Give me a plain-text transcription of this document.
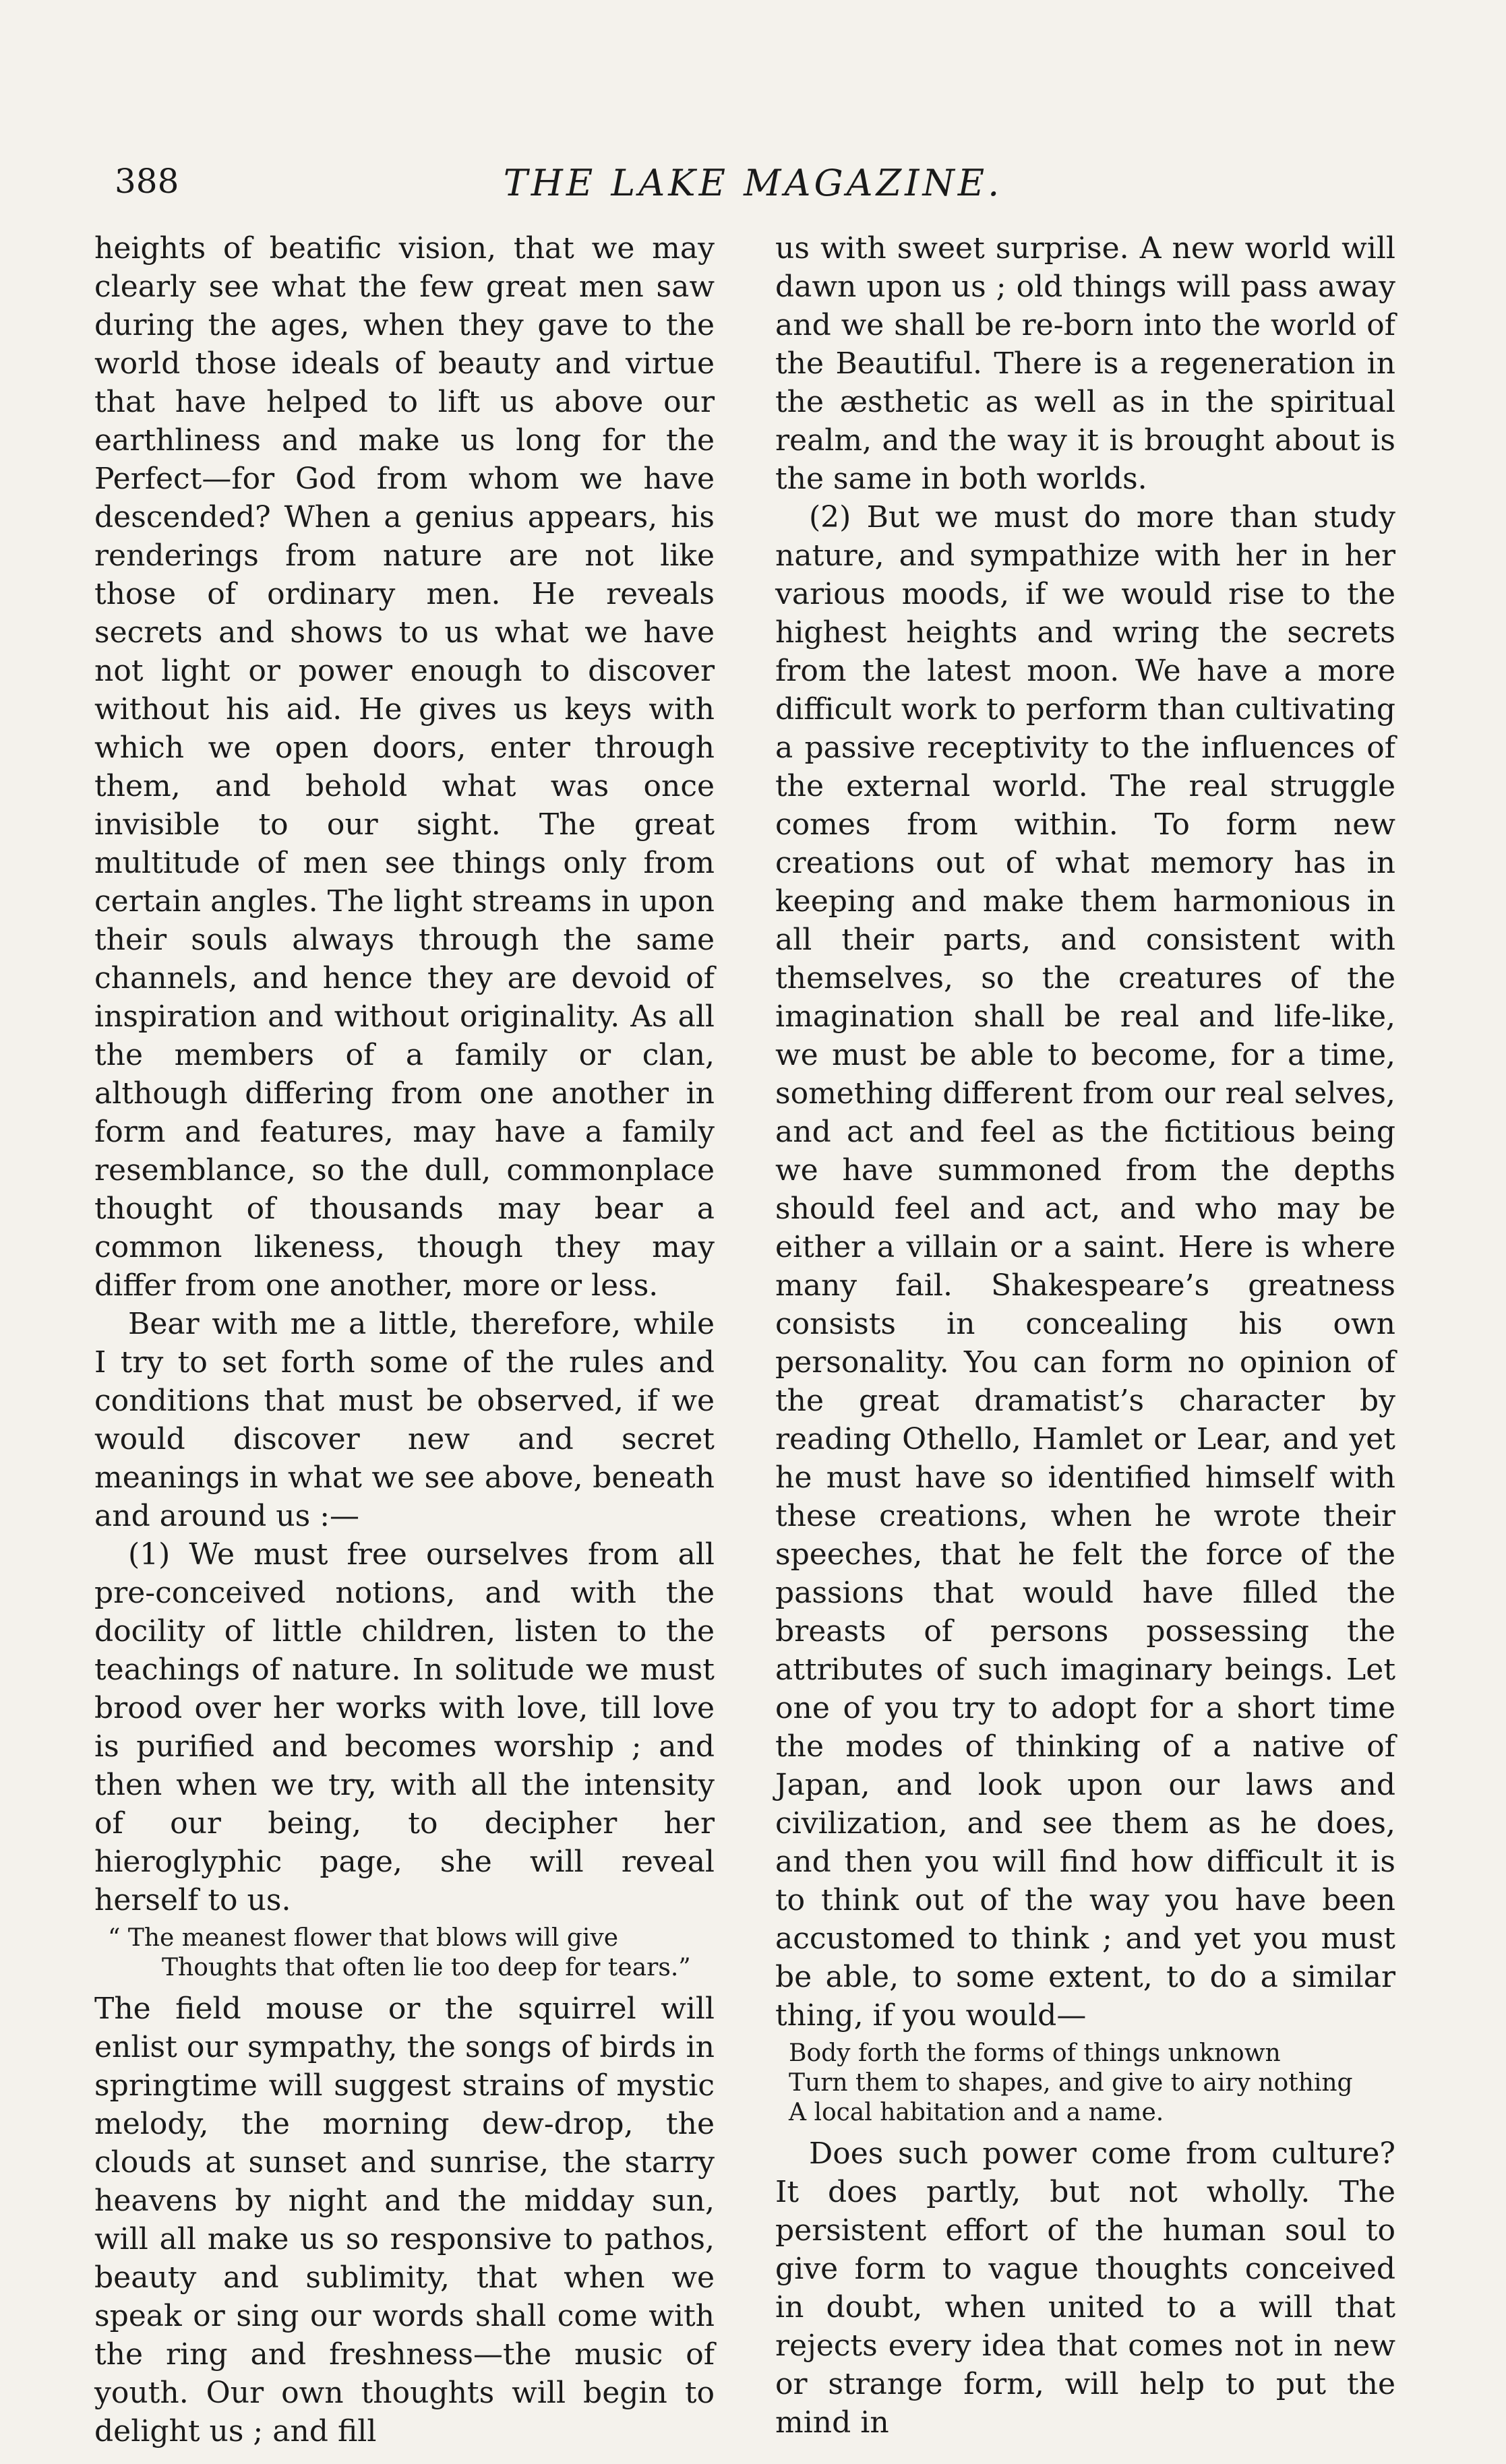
388	THE LAKE MAGAZINE.

heights of beatific vision, that we may clearly see what the few great men saw during the ages, when they gave to the world those ideals of beauty and virtue that have helped to lift us above our earthliness and make us long for the Perfect—for God from whom we have descended? When a genius appears, his renderings from nature are not like those of ordinary men. He reveals secrets and shows to us what we have not light or power enough to discover without his aid. He gives us keys with which we open doors, enter through them, and behold what was once invisible to our sight. The great multitude of men see things only from certain angles. The light streams in upon their souls always through the same channels, and hence they are devoid of inspiration and without originality. As all the members of a family or clan, although differing from one another in form and features, may have a family resemblance, so the dull, commonplace thought of thousands may bear a common likeness, though they may differ from one another, more or less.

Bear with me a little, therefore, while I try to set forth some of the rules and conditions that must be observed, if we would discover new and secret meanings in what we see above, beneath and around us :—

(1) We must free ourselves from all pre-conceived notions, and with the docility of little children, listen to the teachings of nature. In solitude we must brood over her works with love, till love is purified and becomes worship ; and then when we try, with all the intensity of our being, to decipher her hieroglyphic page, she will reveal herself to us.

“ The meanest flower that blows will give
Thoughts that often lie too deep for tears.”

The field mouse or the squirrel will enlist our sympathy, the songs of birds in springtime will suggest strains of mystic melody, the morning dew-drop, the clouds at sunset and sunrise, the starry heavens by night and the midday sun, will all make us so responsive to pathos, beauty and sublimity, that when we speak or sing our words shall come with the ring and freshness—the music of youth. Our own thoughts will begin to delight us ; and fill

us with sweet surprise. A new world will dawn upon us ; old things will pass away and we shall be re-born into the world of the Beautiful. There is a regeneration in the æsthetic as well as in the spiritual realm, and the way it is brought about is the same in both worlds.

(2) But we must do more than study nature, and sympathize with her in her various moods, if we would rise to the highest heights and wring the secrets from the latest moon. We have a more difficult work to perform than cultivating a passive receptivity to the influences of the external world. The real struggle comes from within. To form new creations out of what memory has in keeping and make them harmonious in all their parts, and consistent with themselves, so the creatures of the imagination shall be real and life-like, we must be able to become, for a time, something different from our real selves, and act and feel as the fictitious being we have summoned from the depths should feel and act, and who may be either a villain or a saint. Here is where many fail. Shakespeare’s greatness consists in concealing his own personality. You can form no opinion of the great dramatist’s character by reading Othello, Hamlet or Lear, and yet he must have so identified himself with these creations, when he wrote their speeches, that he felt the force of the passions that would have filled the breasts of persons possessing the attributes of such imaginary beings. Let one of you try to adopt for a short time the modes of thinking of a native of Japan, and look upon our laws and civilization, and see them as he does, and then you will find how difficult it is to think out of the way you have been accustomed to think ; and yet you must be able, to some extent, to do a similar thing, if you would—

Body forth the forms of things unknown
Turn them to shapes, and give to airy nothing
A local habitation and a name.

Does such power come from culture? It does partly, but not wholly. The persistent effort of the human soul to give form to vague thoughts conceived in doubt, when united to a will that rejects every idea that comes not in new or strange form, will help to put the mind in
